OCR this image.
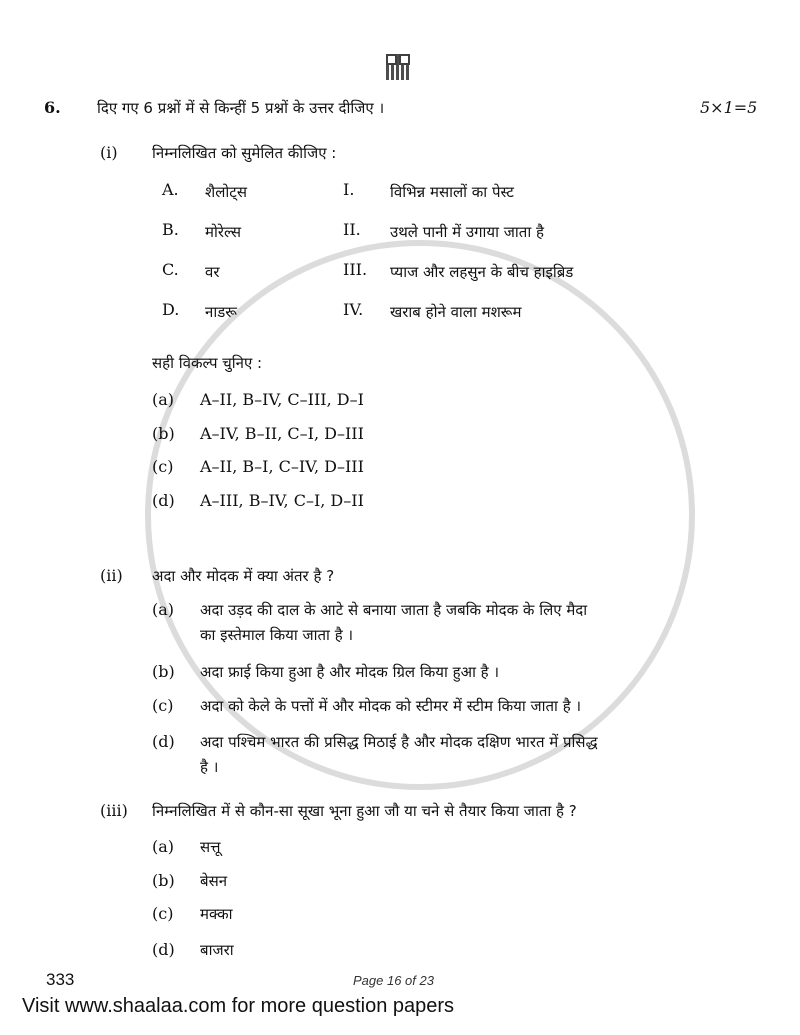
6. दिए गए 6 प्रश्नों में से किन्हीं 5 प्रश्नों के उत्तर दीजिए ।	5×1=5
(i) निम्नलिखित को सुमेलित कीजिए :
A. शैलोट्स	I. विभिन्न मसालों का पेस्ट
B. मोरेल्स	II. उथले पानी में उगाया जाता है
C. वर	III. प्याज और लहसुन के बीच हाइब्रिड
D. नाडरू	IV. खराब होने वाला मशरूम
सही विकल्प चुनिए :
(a) A–II, B–IV, C–III, D–I
(b) A–IV, B–II, C–I, D–III
(c) A–II, B–I, C–IV, D–III
(d) A–III, B–IV, C–I, D–II
(ii) अदा और मोदक में क्या अंतर है ?
(a) अदा उड़द की दाल के आटे से बनाया जाता है जबकि मोदक के लिए मैदा
का इस्तेमाल किया जाता है ।
(b) अदा फ्राई किया हुआ है और मोदक ग्रिल किया हुआ है ।
(c) अदा को केले के पत्तों में और मोदक को स्टीमर में स्टीम किया जाता है ।
(d) अदा पश्चिम भारत की प्रसिद्ध मिठाई है और मोदक दक्षिण भारत में प्रसिद्ध
है ।
(iii) निम्नलिखित में से कौन-सा सूखा भूना हुआ जौ या चने से तैयार किया जाता है ?
(a) सत्तू
(b) बेसन
(c) मक्का
(d) बाजरा
333	Page 16 of 23
Visit www.shaalaa.com for more question papers
